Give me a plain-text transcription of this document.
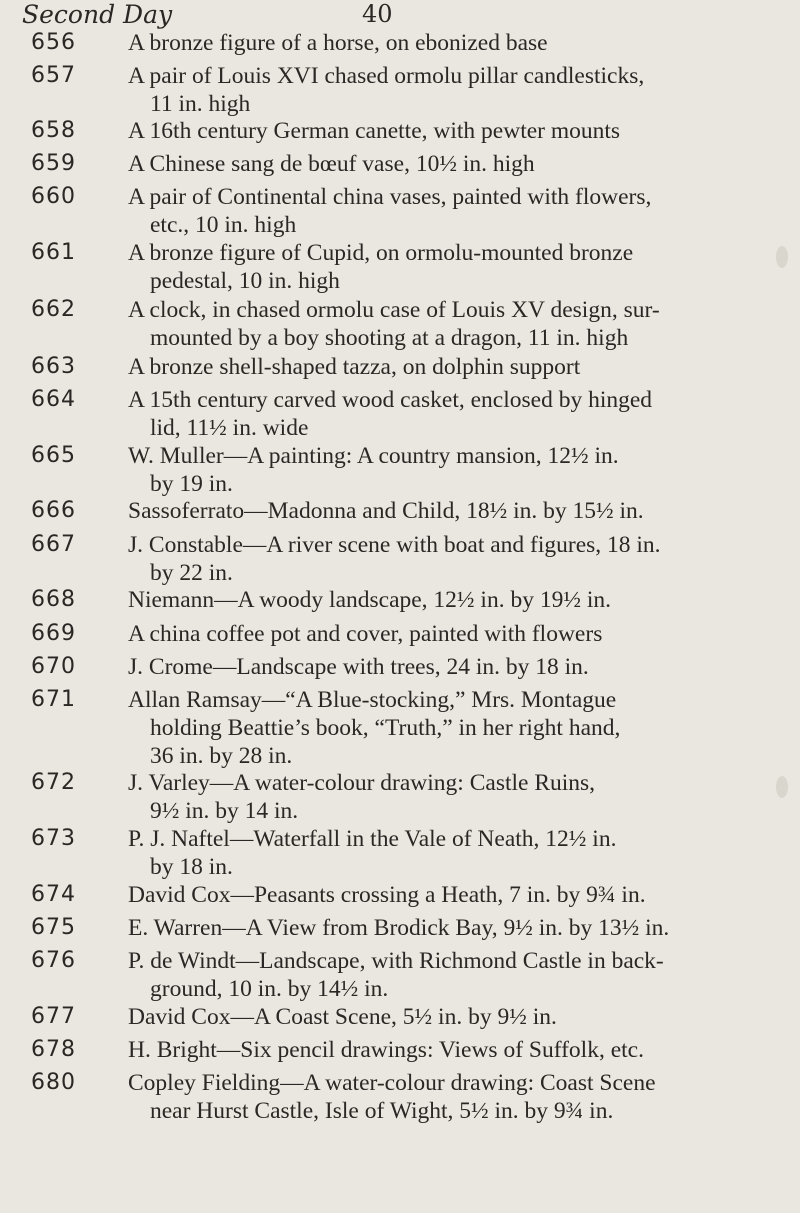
Second Day	40
656	A bronze figure of a horse, on ebonized base
657	A pair of Louis XVI chased ormolu pillar candlesticks,
11 in. high
658	A 16th century German canette, with pewter mounts
659	A Chinese sang de bœuf vase, 10½ in. high
660	A pair of Continental china vases, painted with flowers,
etc., 10 in. high
661	A bronze figure of Cupid, on ormolu-mounted bronze
pedestal, 10 in. high
662	A clock, in chased ormolu case of Louis XV design, sur-
mounted by a boy shooting at a dragon, 11 in. high
663	A bronze shell-shaped tazza, on dolphin support
664	A 15th century carved wood casket, enclosed by hinged
lid, 11½ in. wide
665	W. Muller—A painting: A country mansion, 12½ in.
by 19 in.
666	Sassoferrato—Madonna and Child, 18½ in. by 15½ in.
667	J. Constable—A river scene with boat and figures, 18 in.
by 22 in.
668	Niemann—A woody landscape, 12½ in. by 19½ in.
669	A china coffee pot and cover, painted with flowers
670	J. Crome—Landscape with trees, 24 in. by 18 in.
671	Allan Ramsay—“A Blue-stocking,” Mrs. Montague
holding Beattie’s book, “Truth,” in her right hand,
36 in. by 28 in.
672	J. Varley—A water-colour drawing: Castle Ruins,
9½ in. by 14 in.
673	P. J. Naftel—Waterfall in the Vale of Neath, 12½ in.
by 18 in.
674	David Cox—Peasants crossing a Heath, 7 in. by 9¾ in.
675	E. Warren—A View from Brodick Bay, 9½ in. by 13½ in.
676	P. de Windt—Landscape, with Richmond Castle in back-
ground, 10 in. by 14½ in.
677	David Cox—A Coast Scene, 5½ in. by 9½ in.
678	H. Bright—Six pencil drawings: Views of Suffolk, etc.
680	Copley Fielding—A water-colour drawing: Coast Scene
near Hurst Castle, Isle of Wight, 5½ in. by 9¾ in.
